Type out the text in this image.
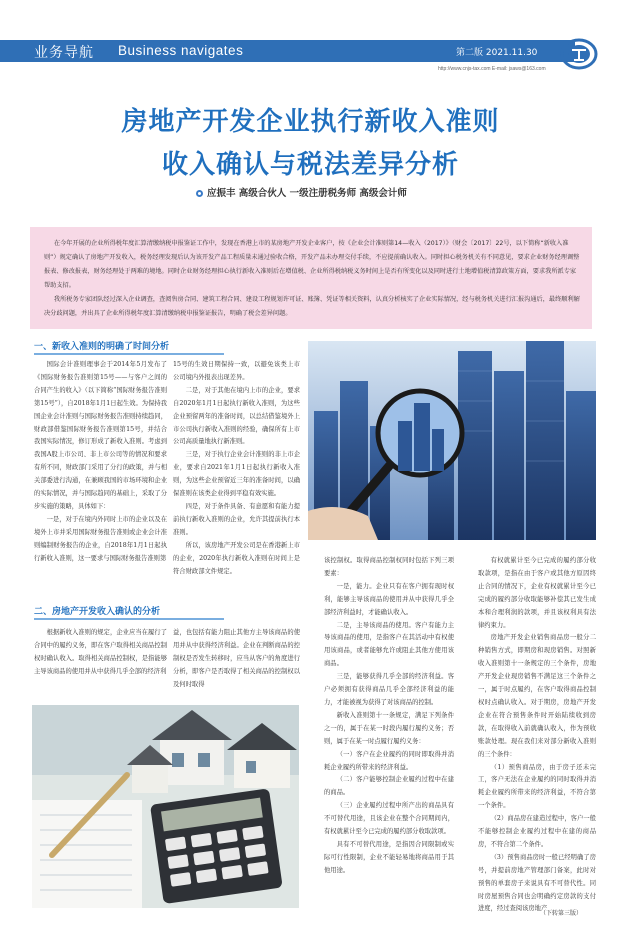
业务导航 Business navigates	第二版 2021.11.30
http://www.cnjs-tax.com E-mail: jsaws@163.com
房地产开发企业执行新收入准则
收入确认与税法差异分析
应振丰 高级合伙人 一级注册税务师 高级会计师

在今年开展的企业所得税年度汇算清缴纳税申报鉴证工作中，发现在香港上市的某房地产开发企业客户，按《企业会计准则第14—收入（2017）》（财会〔2017〕22号，以下简称“新收入准则”）规定确认了房地产开发收入，税务经理发现后认为该开发产品工程质量未通过验收合格，开发产品未办理交付手续，不应提前确认收入。同时担心税务机关有不同意见，要求企业财务经理调整报表、修改报表，财务经理处于两难的境地。同时企业财务经理担心执行新收入准则后在增值税、企业所得税纳税义务时间上是否有所变化以及同时进行土地增值税清算政策方面，要求我所派专家帮助支招。

我所税务专家团队经过深入企业调查，查阅售房合同、建筑工程合同、建设工程规划许可证、账簿、凭证等相关资料，认真分析核实了企业实际情况，经与税务机关进行汇报沟通后，最终顺利解决分歧问题，并出具了企业所得税年度汇算清缴纳税申报鉴证报告，明确了税会差异问题。

一、新收入准则的明确了时间分析
二、房地产开发收入确认的分析

国际会计准则理事会于2014年5月发布了《国际财务报告准则第15号——与客户之间的合同产生的收入》（以下简称“国际财务报告准则第15号”），自2018年1月1日起生效。为保持我国企业会计准则与国际财务报告准则持续趋同，财政部借鉴国际财务报告准则第15号，并结合我国实际情况，修订形成了新收入准则。考虑到我国A股上市公司、非上市公司等的情况和要求有所不同，财政部门采用了分行的政策，并与相关部委进行沟通，在兼顾我国的市场环境和企业的实际情况，并与国际趋同的基础上，采取了分步实施的策略，具体如下：

一是，对于在境内外同时上市的企业以及在境外上市并采用国际财务报告准则或企业会计准则编制财务报告的企业，自2018年1月1日起执行新收入准则，这一要求与国际财务报告准则第

15号的生效日期保持一致，以避免该类上市公司境内外报表出现差异。

二是，对于其他在境内上市的企业，要求自2020年1月1日起执行新收入准则，为这些企业预留两年的准备时间，以总结借鉴境外上市公司执行新收入准则的经验，确保所有上市公司高质量地执行新准则。

三是，对于执行企业会计准则的非上市企业，要求自2021年1月1日起执行新收入准则，为这些企业预留近三年的准备时间，以确保准则在该类企业得到平稳有效实施。

四是，对于条件具备、有意愿和有能力提前执行新收入准则的企业，允许其提前执行本准则。

所以，该房地产开发公司是在香港新上市的企业，2020年执行新收入准则在时间上是符合财政部文件规定。

根据新收入准则的规定，企业应当在履行了合同中的履约义务，即在客户取得相关商品控制权时确认收入。取得相关商品控制权，是指能够主导该商品的使用并从中获得几乎全部的经济利

益，也包括有能力阻止其他方主导该商品的使用并从中获得经济利益。企业在判断商品的控制权是否发生转移时，应当从客户的角度进行分析，即客户是否取得了相关商品的控制权以及何时取得

该控制权。取得商品控制权同时包括下列三项要素：

一是，能力。企业只有在客户拥有现时权利，能够主导该商品的使用并从中获得几乎全部经济利益时，才能确认收入。

二是，主导该商品的使用。客户有能力主导该商品的使用，是指客户在其活动中有权使用该商品，或者能够允许或阻止其他方使用该商品。

三是，能够获得几乎全部的经济利益。客户必须拥有获得商品几乎全部经济利益的能力，才能被视为获得了对该商品的控制。

新收入准则第十一条规定，满足下列条件之一的，属于在某一时段内履行履约义务；否则，属于在某一时点履行履约义务：

（一）客户在企业履约的同时即取得并消耗企业履约所带来的经济利益。

（二）客户能够控制企业履约过程中在建的商品。

（三）企业履约过程中所产出的商品具有不可替代用途，且该企业在整个合同期间内，有权就累计至今已完成的履约部分收取款项。

具有不可替代用途，是指因合同限制或实际可行性限制，企业不能轻易地将商品用于其他用途。

有权就累计至今已完成的履约部分收取款项，是指在由于客户或其他方原因终止合同的情况下，企业有权就累计至今已完成的履约部分收取能够补偿其已发生成本和合理利润的款项，并且该权利具有法律约束力。

房地产开发企业销售商品房一般分二种销售方式，即期房和现房销售。对照新收入准则第十一条规定的三个条件，房地产开发企业现房销售不满足这三个条件之一，属于时点履约，在客户取得商品控制权时点确认收入。对于期房，房地产开发企业在符合预售条件时开始陆续收到房款，在取得收入前就确认收入，作为预收账款处理。现在我们来对部分新收入准则的三个条件：

（1）预售商品房，由于房子还未完工，客户无法在企业履约的同时取得并消耗企业履约所带来的经济利益，不符合第一个条件。

（2）商品房在建造过程中，客户一般不能够控制企业履约过程中在建的商品房，不符合第二个条件。

（3）预售商品房时一般已经明确了房号，并提前房地产管理部门备案，此时对预售的单套房子来说具有不可替代性。同时房屋预售合同也会明确约定房款的支付进度，经过查阅该房地产

（下转第三版）
